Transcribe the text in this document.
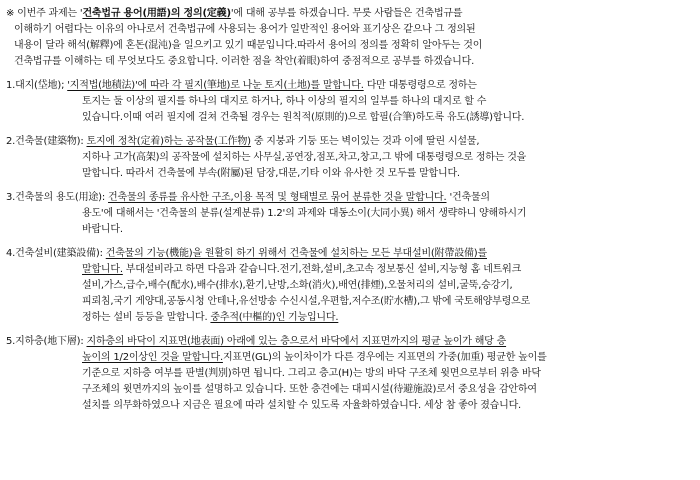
※ 이번주 과제는 '건축법규 용어(用語)의 정의(定義)'에 대해 공부를 하겠습니다. 무릇 사람들은 건축법규를
이해하기 어렵다는 이유의 아나로서 건축법규에 사용되는 용어가 일반적인 용어와 표기상은 같으나 그 정의된
내용이 달라 해석(解釋)에 혼돈(混沌)을 일으키고 있기 때문입니다.따라서 용어의 정의를 정확히 알아두는 것이
건축법규를 이해하는 데 무엇보다도 중요합니다. 이러한 점을 착안(着眼)하여 중점적으로 공부를 하겠습니다.
1.대지(垈地); '지적법(地積法)'에 따라 각 필지(筆地)로 나눈 토지(土地)를 말합니다. 다만 대통령령으로 정하는
토지는 둘 이상의 필지를 하나의 대지로 하거나, 하나 이상의 필지의 일부를 하나의 대지로 할 수
있습니다.이때 여러 필지에 걸쳐 건축될 경우는 원칙적(原則的)으로 합필(合筆)하도록 유도(誘導)합니다.
2.건축물(建築物): 토지에 정착(定着)하는 공작물(工作物) 중 지붕과 기둥 또는 벽이있는 것과 이에 딸린 시설물,
지하나 고가(高架)의 공작물에 설치하는 사무실,공연장,점포,차고,창고,그 밖에 대통령령으로 정하는 것을
말합니다. 따라서 건축물에 부속(附屬)된 담장,대문,기타 이와 유사한 것 모두를 말합니다.
3.건축물의 용도(用途): 건축물의 종류를 유사한 구조,이용 목적 및 형태별로 묶어 분류한 것을 말합니다. '건축물의
용도'에 대해서는 '건축물의 분류(설계분류) 1.2'의 과제와 대동소이(大同小異) 해서 생략하니 양해하시기
바랍니다.
4.건축설비(建築設備): 건축물의 기능(機能)을 원활히 하기 위해서 건축물에 설치하는 모든 부대설비(附帶設備)를
말합니다. 부대설비라고 하면 다음과 같습니다.전기,전화,설비,초고속 정보통신 설비,지능형 홈 네트워크
설비,가스,급수,배수(配水),배수(排水),환기,난방,소화(消火),배연(排煙),오물처리의 설비,굴뚝,승강기,
피뢰침,국기 게양대,공동시청 안테나,유선방송 수신시설,우편함,저수조(貯水槽),그 밖에 국토해양부령으로
정하는 설비 등등을 말합니다. 중추적(中樞的)인 기능입니다.
5.지하층(地下層): 지하층의 바닥이 지표면(地表面) 아래에 있는 층으로서 바닥에서 지표면까지의 평균 높이가 해당 층
높이의 1/2이상인 것을 말합니다.지표면(GL)의 높이차이가 다른 경우에는 지표면의 가중(加重) 평균한 높이를
기준으로 지하층 여부를 판별(判別)하면 됩니다. 그리고 층고(H)는 방의 바닥 구조체 윗면으로부터 위층 바닥
구조체의 윗면까지의 높이를 설명하고 있습니다. 또한 층견에는 대피시설(待避施設)로서 중요성을 감안하여
설치를 의무화하였으나 지금은 필요에 따라 설치할 수 있도록 자율화하였습니다. 세상 참 좋아 졌습니다.
